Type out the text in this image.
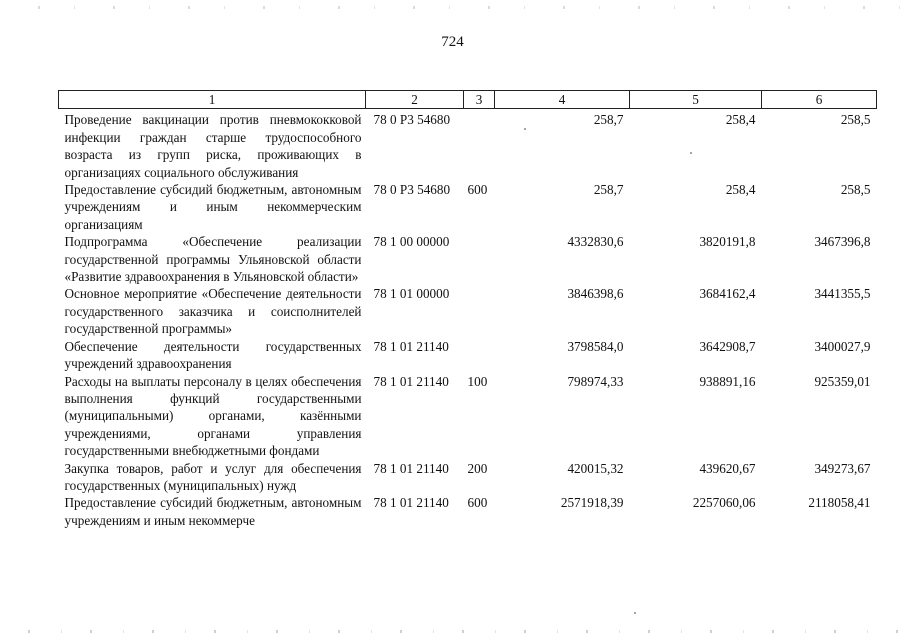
724
1	2	3	4	5	6
Проведение вакцинации против пневмококковой инфекции граждан старше трудоспособного возраста из групп риска, проживающих в организациях социального обслуживания	78 0 Р3 54680		258,7	258,4	258,5
Предоставление субсидий бюджетным, автономным учреждениям и иным некоммерческим организациям	78 0 Р3 54680	600	258,7	258,4	258,5
Подпрограмма «Обеспечение реализации государственной программы Ульяновской области «Развитие здравоохранения в Ульяновской области»	78 1 00 00000		4332830,6	3820191,8	3467396,8
Основное мероприятие «Обеспечение деятельности государственного заказчика и соисполнителей государственной программы»	78 1 01 00000		3846398,6	3684162,4	3441355,5
Обеспечение деятельности государственных учреждений здравоохранения	78 1 01 21140		3798584,0	3642908,7	3400027,9
Расходы на выплаты персоналу в целях обеспечения выполнения функций государственными (муниципальными) органами, казёнными учреждениями, органами управления государственными внебюджетными фондами	78 1 01 21140	100	798974,33	938891,16	925359,01
Закупка товаров, работ и услуг для обеспечения государственных (муниципальных) нужд	78 1 01 21140	200	420015,32	439620,67	349273,67
Предоставление субсидий бюджетным, автономным учреждениям и иным некоммерче	78 1 01 21140	600	2571918,39	2257060,06	2118058,41
